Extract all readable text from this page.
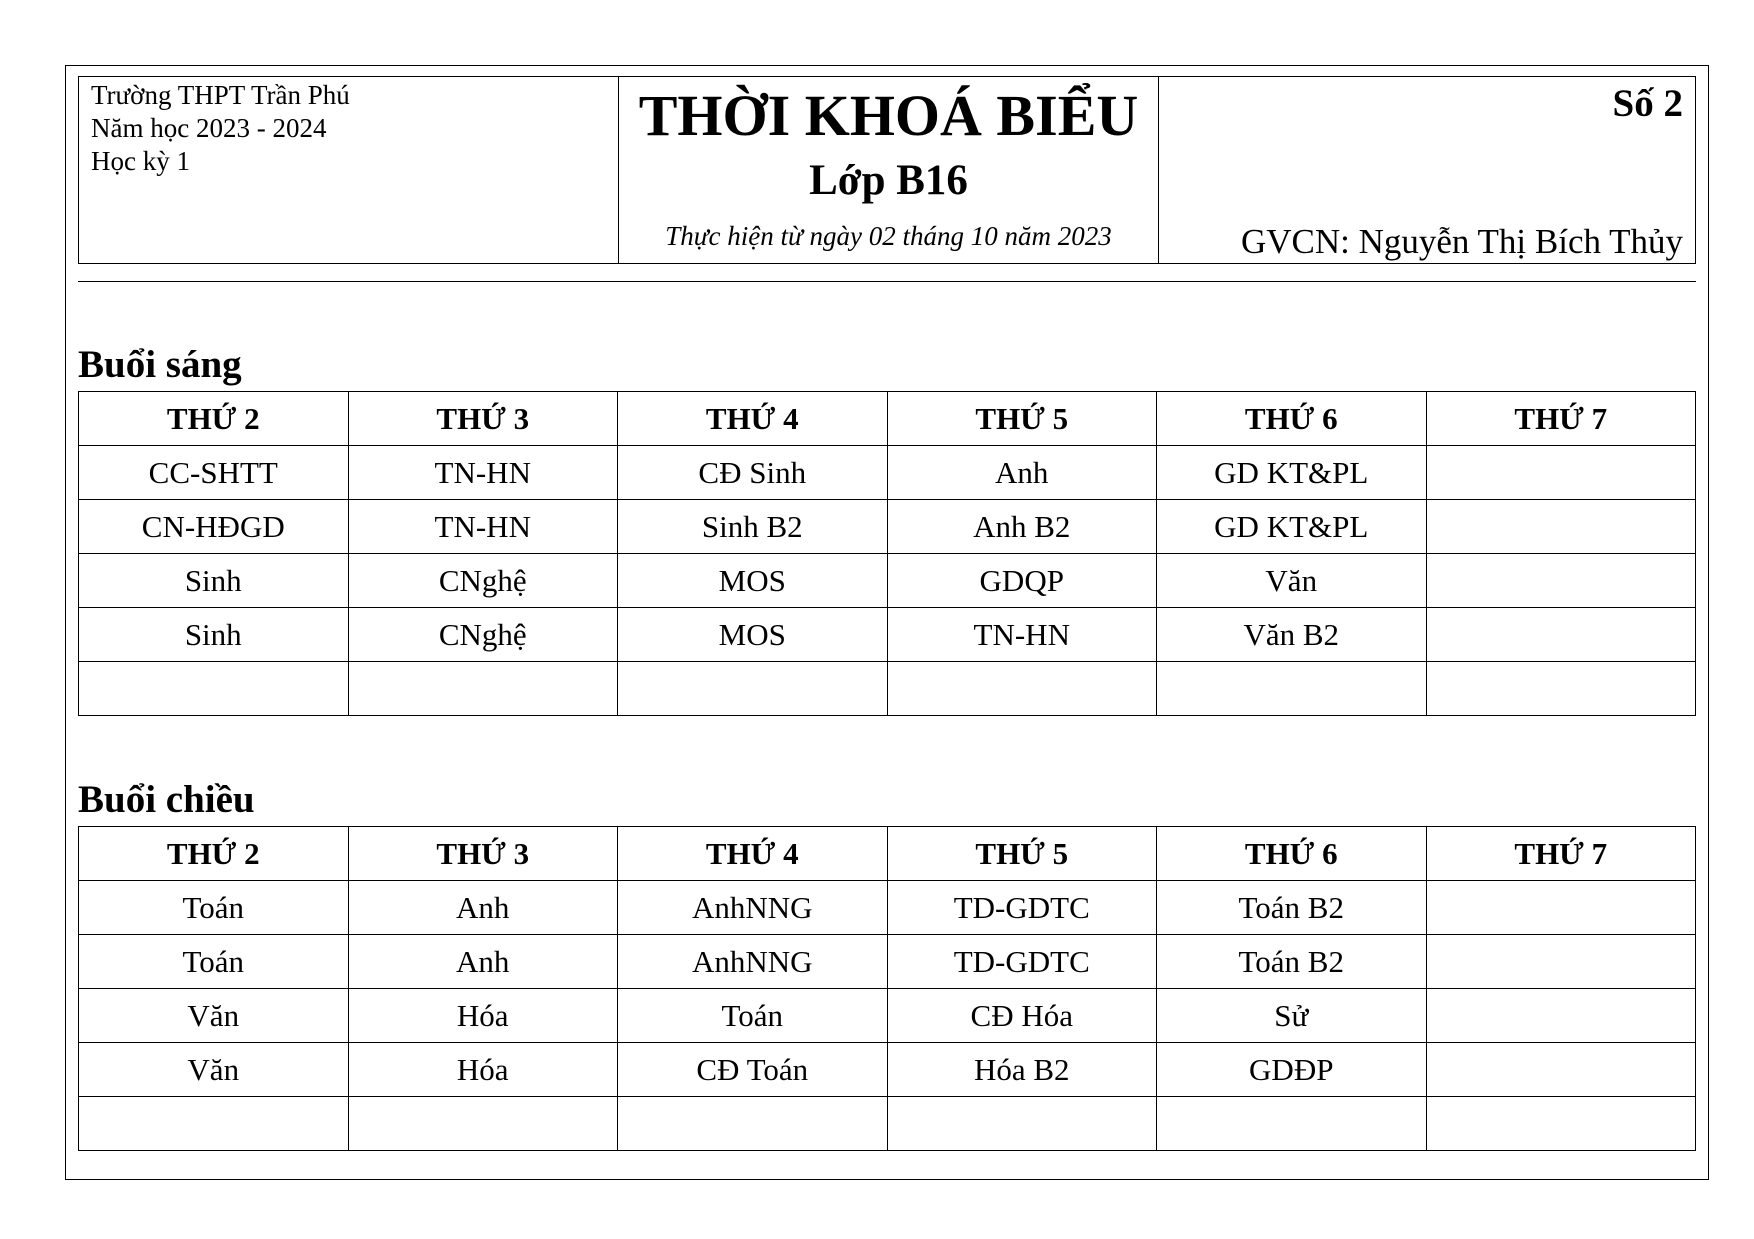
Trường THPT Trần Phú
Năm học 2023 - 2024
Học kỳ 1
THỜI KHOÁ BIỂU
Lớp B16
Thực hiện từ ngày 02 tháng 10 năm 2023
Số 2
GVCN: Nguyễn Thị Bích Thủy
Buổi sáng
THỨ 2	THỨ 3	THỨ 4	THỨ 5	THỨ 6	THỨ 7
CC-SHTT	TN-HN	CĐ Sinh	Anh	GD KT&PL	
CN-HĐGD	TN-HN	Sinh B2	Anh B2	GD KT&PL	
Sinh	CNghệ	MOS	GDQP	Văn	
Sinh	CNghệ	MOS	TN-HN	Văn B2	

Buổi chiều
THỨ 2	THỨ 3	THỨ 4	THỨ 5	THỨ 6	THỨ 7
Toán	Anh	AnhNNG	TD-GDTC	Toán B2	
Toán	Anh	AnhNNG	TD-GDTC	Toán B2	
Văn	Hóa	Toán	CĐ Hóa	Sử	
Văn	Hóa	CĐ Toán	Hóa B2	GDĐP	
